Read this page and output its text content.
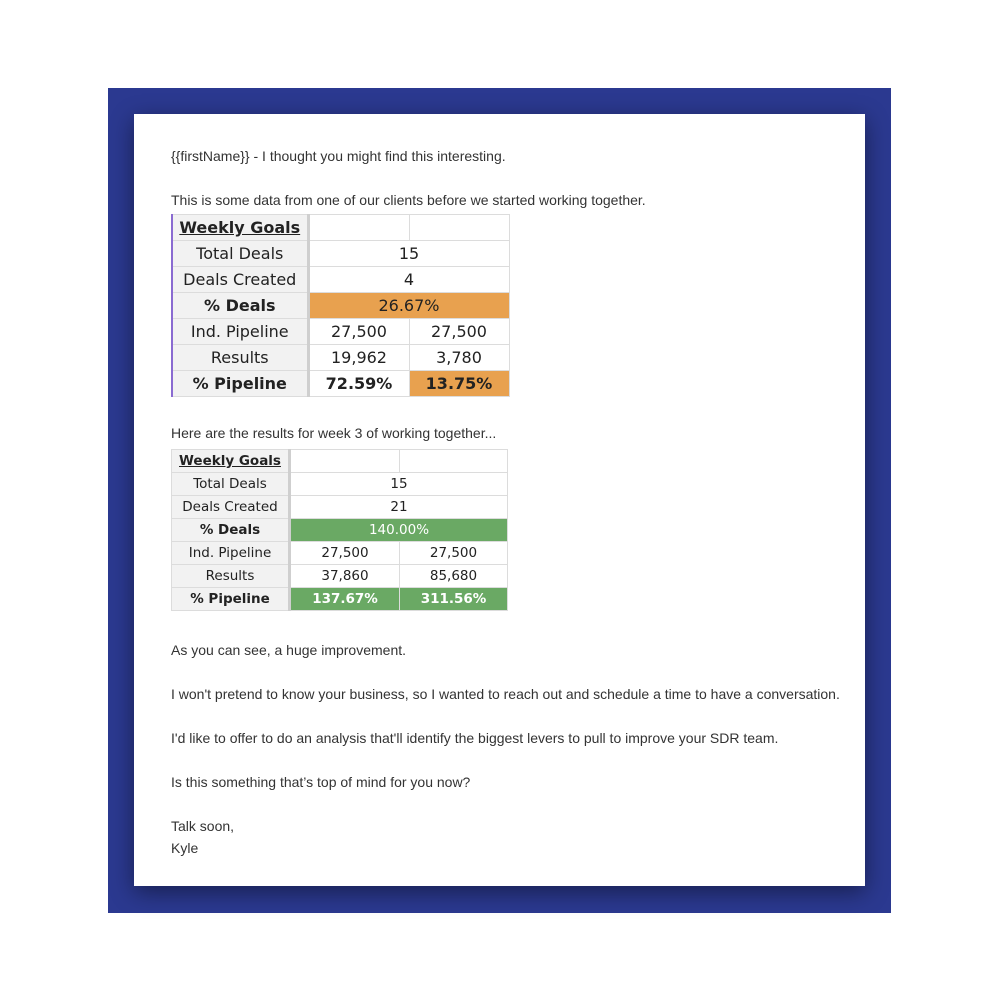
{{firstName}} - I thought you might find this interesting.

This is some data from one of our clients before we started working together.

Weekly Goals		
Total Deals	15	
Deals Created	4	
% Deals	26.67%	
Ind. Pipeline	27,500	27,500
Results	19,962	3,780
% Pipeline	72.59%	13.75%

Here are the results for week 3 of working together...

Weekly Goals		
Total Deals	15	
Deals Created	21	
% Deals	140.00%	
Ind. Pipeline	27,500	27,500
Results	37,860	85,680
% Pipeline	137.67%	311.56%

As you can see, a huge improvement.

I won't pretend to know your business, so I wanted to reach out and schedule a time to have a conversation.

I'd like to offer to do an analysis that'll identify the biggest levers to pull to improve your SDR team.

Is this something that’s top of mind for you now?

Talk soon,

Kyle
